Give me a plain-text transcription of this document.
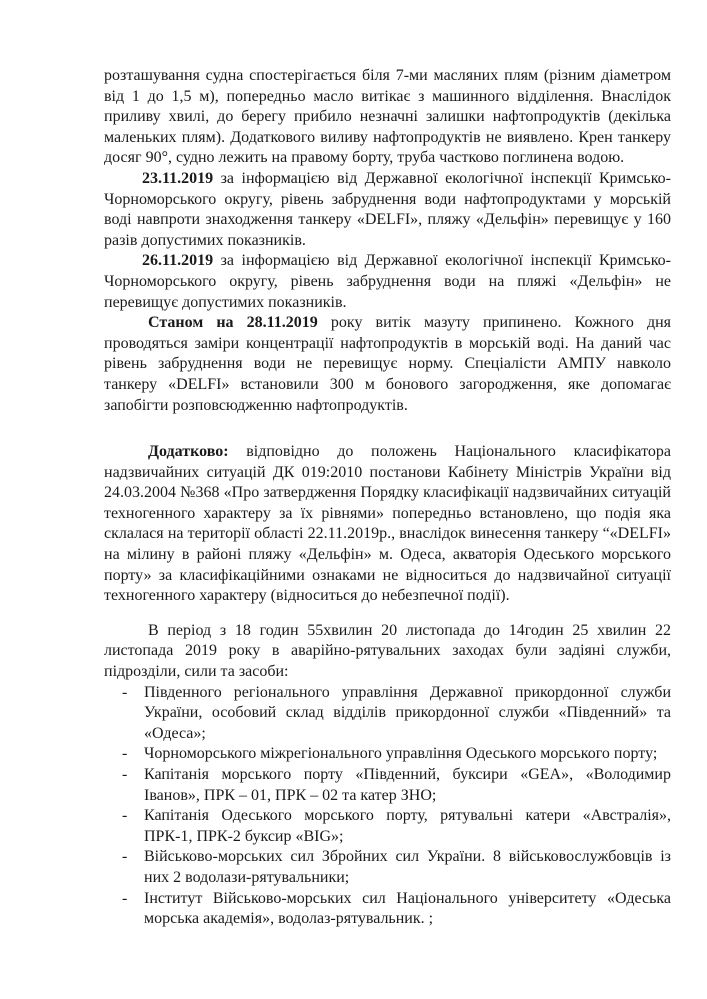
розташування судна спостерігається біля 7-ми масляних плям (різним діаметром від 1 до 1,5 м), попередньо масло витікає з машинного відділення. Внаслідок приливу хвилі, до берегу прибило незначні залишки нафтопродуктів (декілька маленьких плям). Додаткового виливу нафтопродуктів не виявлено. Крен танкеру досяг 90°, судно лежить на правому борту, труба частково поглинена водою.

23.11.2019 за інформацією від Державної екологічної інспекції Кримсько-Чорноморського округу, рівень забруднення води нафтопродуктами у морській воді навпроти знаходження танкеру «DELFI», пляжу «Дельфін» перевищує у 160 разів допустимих показників.

26.11.2019 за інформацією від Державної екологічної інспекції Кримсько-Чорноморського округу, рівень забруднення води на пляжі «Дельфін» не перевищує допустимих показників.

Станом на 28.11.2019 року витік мазуту припинено. Кожного дня проводяться заміри концентрації нафтопродуктів в морській воді. На даний час рівень забруднення води не перевищує норму. Спеціалісти АМПУ навколо танкеру «DELFI» встановили 300 м бонового загородження, яке допомагає запобігти розповсюдженню нафтопродуктів.

Додатково: відповідно до положень Національного класифікатора надзвичайних ситуацій ДК 019:2010 постанови Кабінету Міністрів України від 24.03.2004 №368 «Про затвердження Порядку класифікації надзвичайних ситуацій техногенного характеру за їх рівнями» попередньо встановлено, що подія яка склалася на території області 22.11.2019р., внаслідок винесення танкеру “«DELFI» на мілину в районі пляжу «Дельфін» м. Одеса, акваторія Одеського морського порту» за класифікаційними ознаками не відноситься до надзвичайної ситуації техногенного характеру (відноситься до небезпечної події).

В період з 18 годин 55хвилин 20 листопада до 14годин 25 хвилин 22 листопада 2019 року в аварійно-рятувальних заходах були задіяні служби, підрозділи, сили та засоби:

- Південного регіонального управління Державної прикордонної служби України, особовий склад відділів прикордонної служби «Південний» та «Одеса»;
- Чорноморського міжрегіонального управління Одеського морського порту;
- Капітанія морського порту «Південний, буксири «GEA», «Володимир Іванов», ПРК – 01, ПРК – 02 та катер ЗНО;
- Капітанія Одеського морського порту, рятувальні катери «Австралія», ПРК-1, ПРК-2 буксир «BIG»;
- Військово-морських сил Збройних сил України. 8 військовослужбовців із них 2 водолази-рятувальники;
- Інститут Військово-морських сил Національного університету «Одеська морська академія», водолаз-рятувальник. ;
